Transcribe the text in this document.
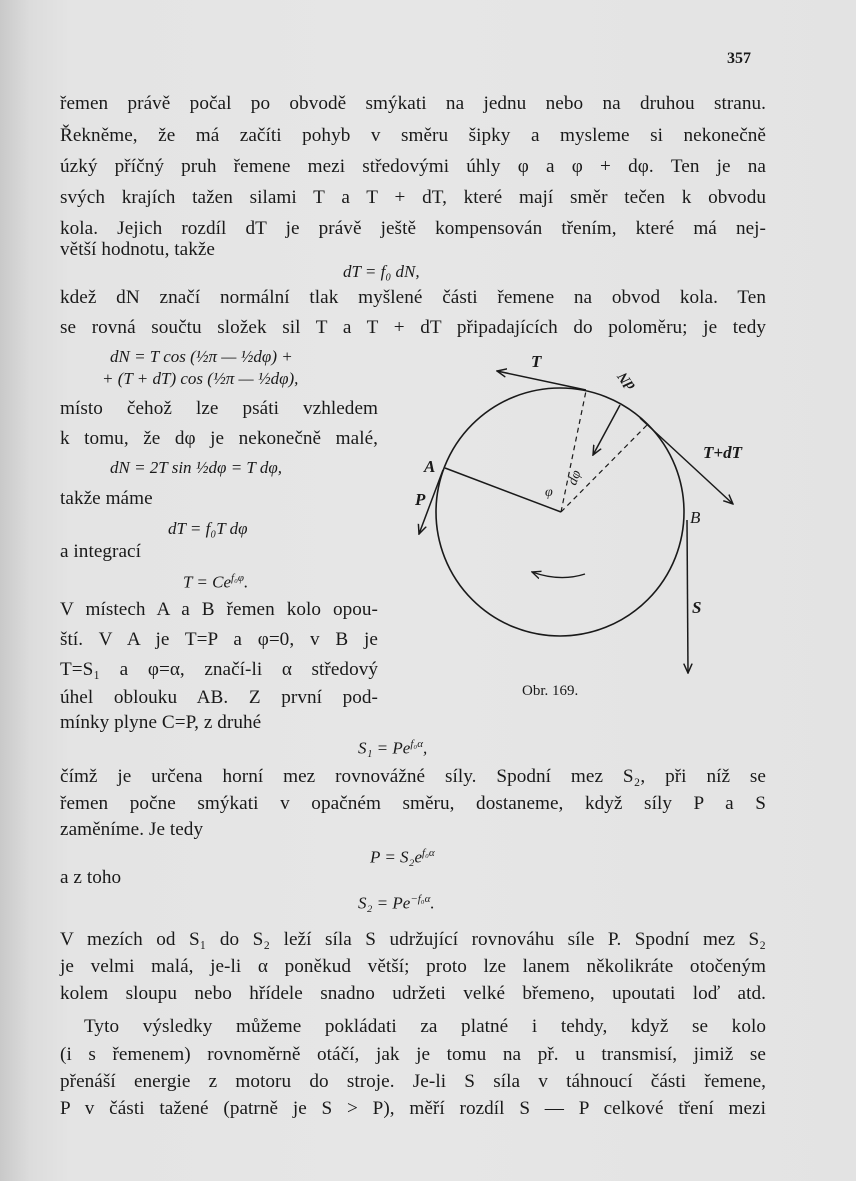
357
řemen právě počal po obvodě smýkati na jednu nebo na druhou stranu.
Řekněme, že má začíti pohyb v směru šipky a mysleme si nekonečně
úzký příčný pruh řemene mezi středovými úhly φ a φ + dφ. Ten je na
svých krajích tažen silami T a T + dT, které mají směr tečen k obvodu
kola. Jejich rozdíl dT je právě ještě kompensován třením, které má nej-
větší hodnotu, takže
dT = f₀ dN,
kdež dN značí normální tlak myšlené části řemene na obvod kola. Ten
se rovná součtu složek sil T a T + dT připadajících do poloměru; je tedy
dN = T cos (½π — ½dφ) +
+ (T + dT) cos (½π — ½dφ),
místo čehož lze psáti vzhledem
k tomu, že dφ je nekonečně malé,
dN = 2T sin ½dφ = T dφ,
takže máme
dT = f₀T dφ
a integrací
$T = Ce^{f_0\varphi}$.
V místech A a B řemen kolo opou-
ští. V A je T=P a φ=0, v B je
T=S₁ a φ=α, značí-li α středový
úhel oblouku AB. Z první pod-
mínky plyne C=P, z druhé
$S_1 = Pe^{f_0\alpha}$,
čímž je určena horní mez rovnovážné síly. Spodní mez S₂, při níž se
řemen počne smýkati v opačném směru, dostaneme, když síly P a S
zaměníme. Je tedy
$P = S_2e^{f_0\alpha}$
a z toho
$S_2 = Pe^{-f_0\alpha}$.
V mezích od S₁ do S₂ leží síla S udržující rovnováhu síle P. Spodní mez S₂
je velmi malá, je-li α poněkud větší; proto lze lanem několikráte otočeným
kolem sloupu nebo hřídele snadno udržeti velké břemeno, upoutati loď atd.
Tyto výsledky můžeme pokládati za platné i tehdy, když se kolo
(i s řemenem) rovnoměrně otáčí, jak je tomu na př. u transmisí, jimiž se
přenáší energie z motoru do stroje. Je-li S síla v táhnoucí části řemene,
P v části tažené (patrně je S > P), měří rozdíl S — P celkové tření mezi
T
T+dT
dN
A
P
B
S
φ
dφ
Obr. 169.
